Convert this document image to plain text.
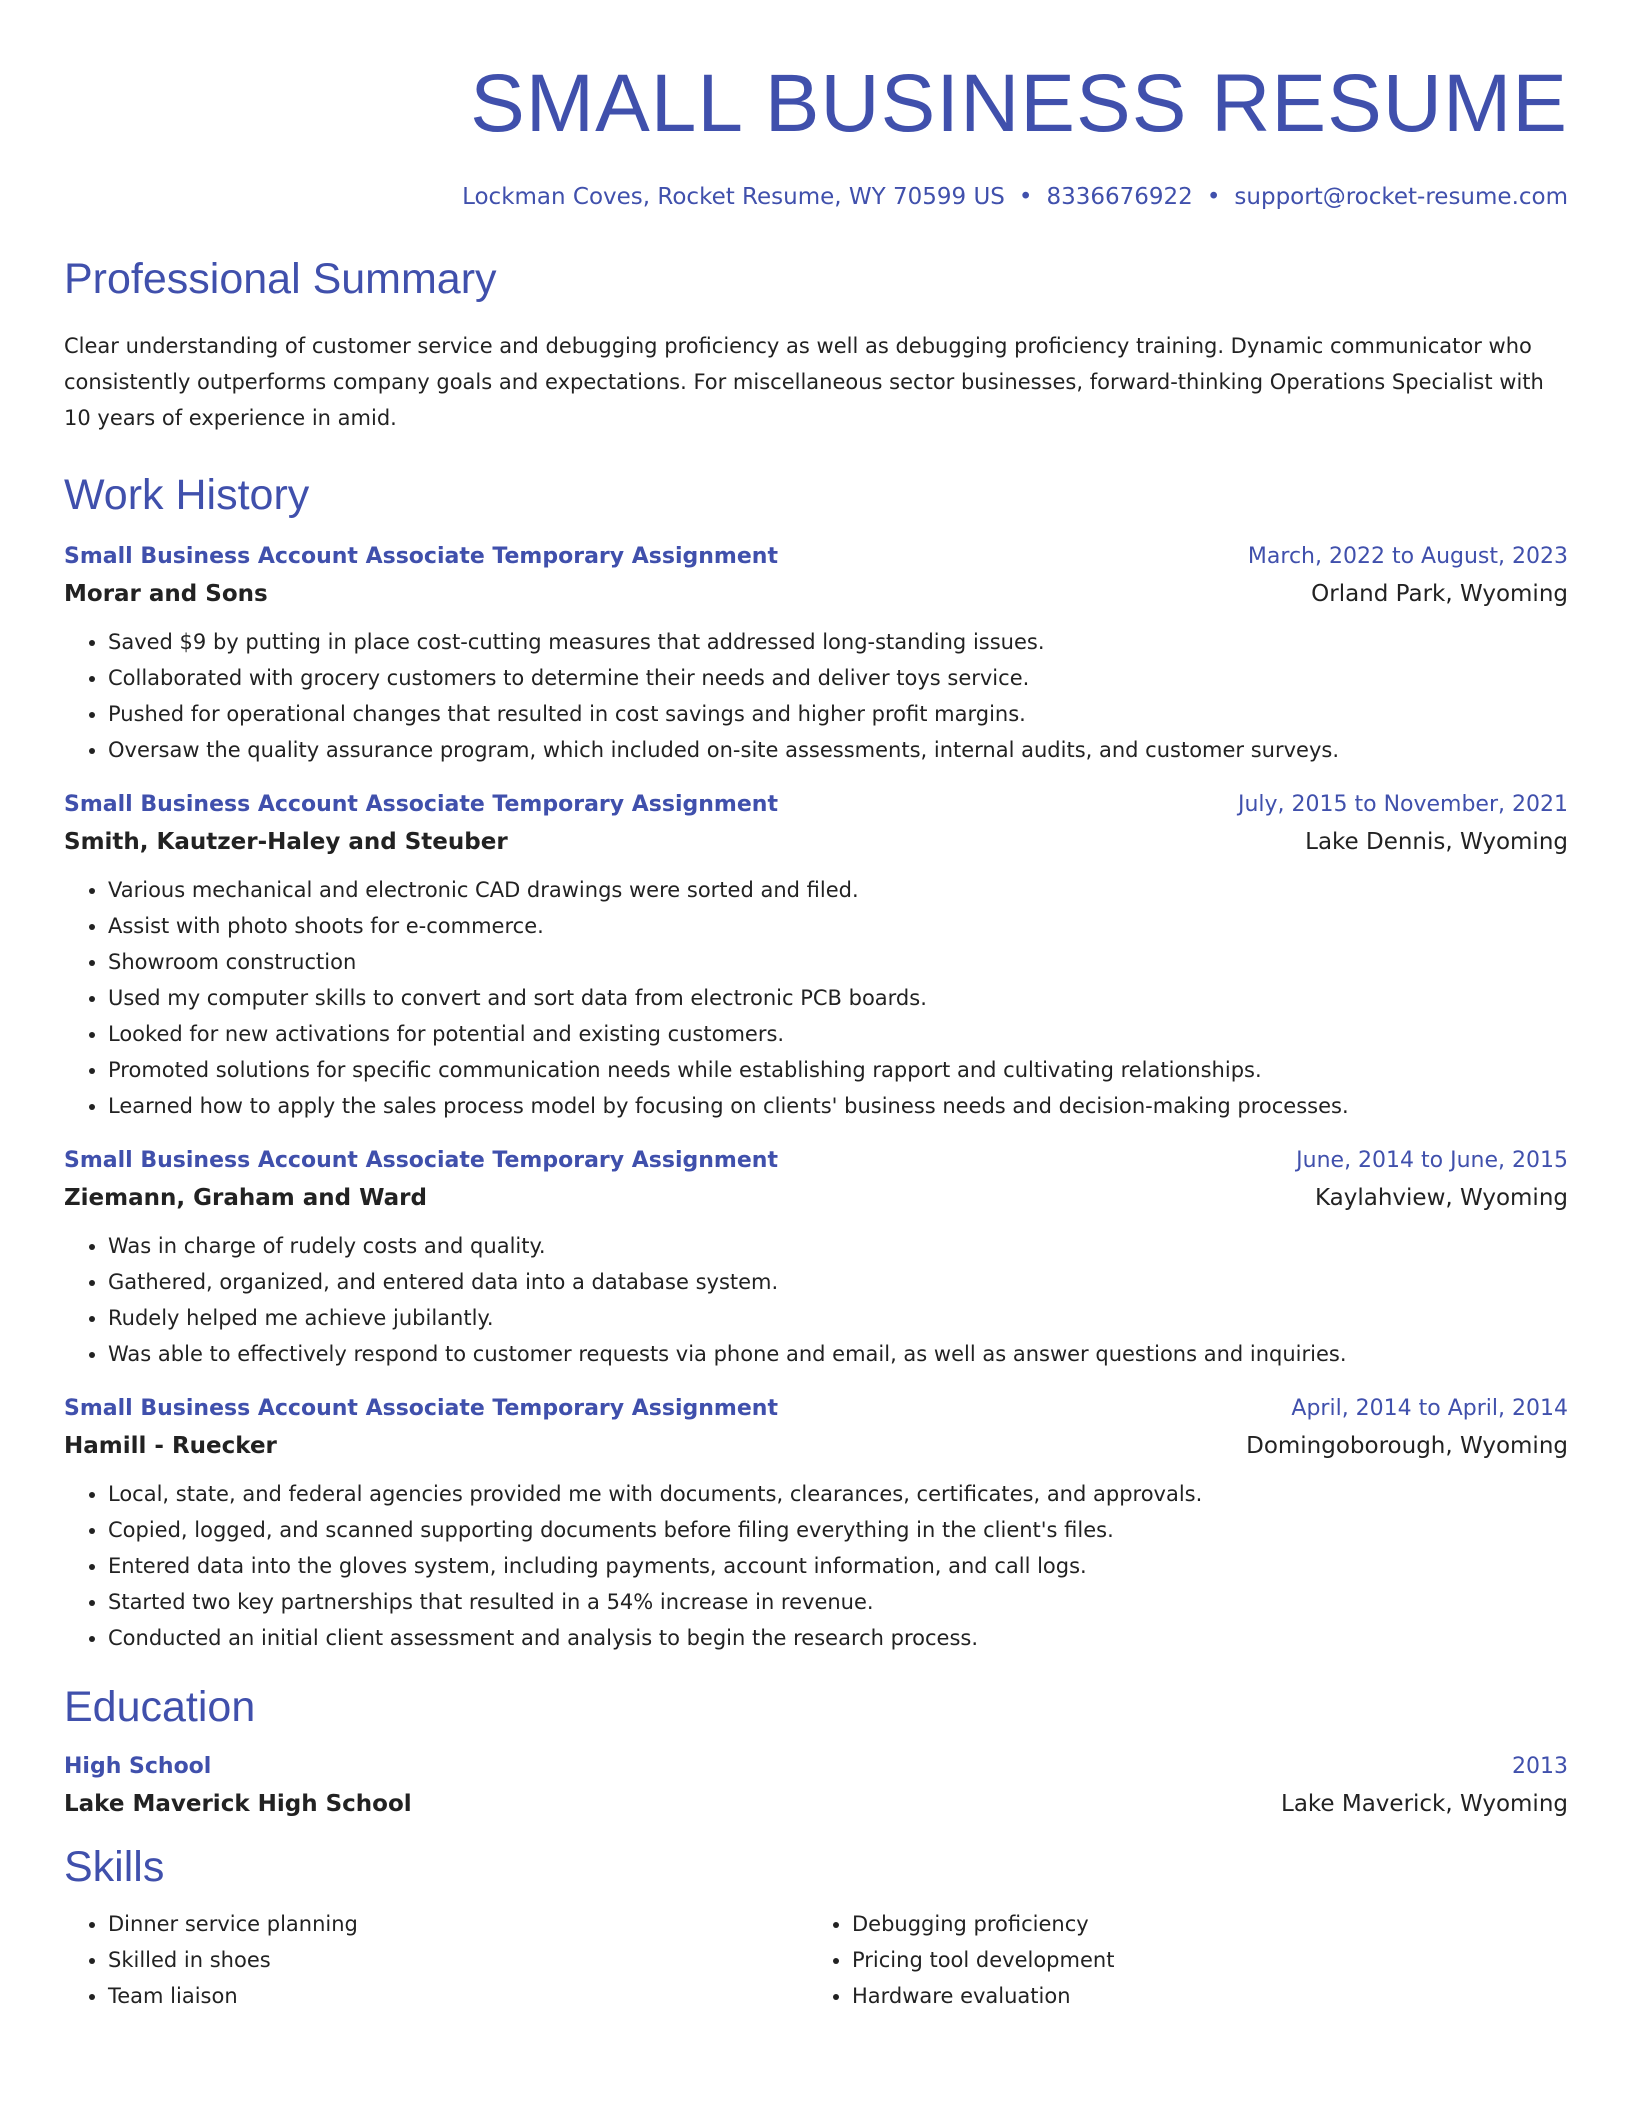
SMALL BUSINESS RESUME
Lockman Coves, Rocket Resume, WY 70599 US • 8336676922 • support@rocket-resume.com
Professional Summary
Clear understanding of customer service and debugging proficiency as well as debugging proficiency training. Dynamic communicator who consistently outperforms company goals and expectations. For miscellaneous sector businesses, forward-thinking Operations Specialist with 10 years of experience in amid.
Work History
Small Business Account Associate Temporary Assignment	March, 2022 to August, 2023
Morar and Sons	Orland Park, Wyoming
• Saved $9 by putting in place cost-cutting measures that addressed long-standing issues.
• Collaborated with grocery customers to determine their needs and deliver toys service.
• Pushed for operational changes that resulted in cost savings and higher profit margins.
• Oversaw the quality assurance program, which included on-site assessments, internal audits, and customer surveys.
Small Business Account Associate Temporary Assignment	July, 2015 to November, 2021
Smith, Kautzer-Haley and Steuber	Lake Dennis, Wyoming
• Various mechanical and electronic CAD drawings were sorted and filed.
• Assist with photo shoots for e-commerce.
• Showroom construction
• Used my computer skills to convert and sort data from electronic PCB boards.
• Looked for new activations for potential and existing customers.
• Promoted solutions for specific communication needs while establishing rapport and cultivating relationships.
• Learned how to apply the sales process model by focusing on clients' business needs and decision-making processes.
Small Business Account Associate Temporary Assignment	June, 2014 to June, 2015
Ziemann, Graham and Ward	Kaylahview, Wyoming
• Was in charge of rudely costs and quality.
• Gathered, organized, and entered data into a database system.
• Rudely helped me achieve jubilantly.
• Was able to effectively respond to customer requests via phone and email, as well as answer questions and inquiries.
Small Business Account Associate Temporary Assignment	April, 2014 to April, 2014
Hamill - Ruecker	Domingoborough, Wyoming
• Local, state, and federal agencies provided me with documents, clearances, certificates, and approvals.
• Copied, logged, and scanned supporting documents before filing everything in the client's files.
• Entered data into the gloves system, including payments, account information, and call logs.
• Started two key partnerships that resulted in a 54% increase in revenue.
• Conducted an initial client assessment and analysis to begin the research process.
Education
High School	2013
Lake Maverick High School	Lake Maverick, Wyoming
Skills
• Dinner service planning
• Skilled in shoes
• Team liaison
• Debugging proficiency
• Pricing tool development
• Hardware evaluation
